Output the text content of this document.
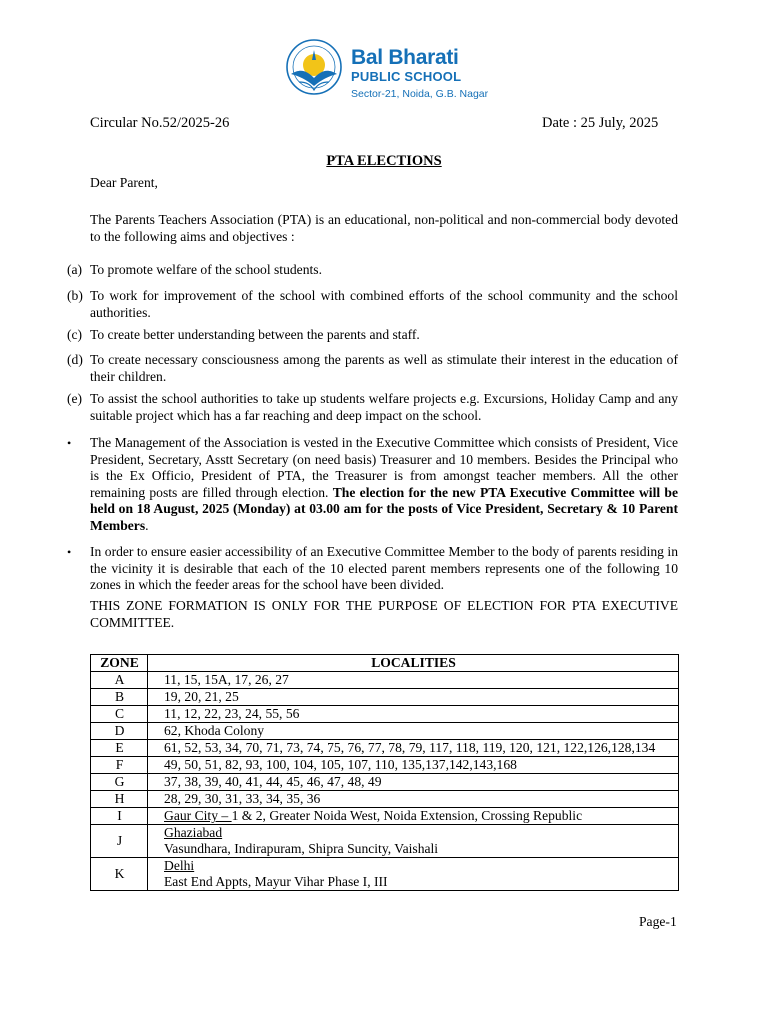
Bal Bharati
PUBLIC SCHOOL
Sector-21, Noida, G.B. Nagar
Circular No.52/2025-26	Date : 25 July, 2025
PTA ELECTIONS
Dear Parent,
The Parents Teachers Association (PTA) is an educational, non-political and non-commercial body devoted to the following aims and objectives :
(a) To promote welfare of the school students.
(b) To work for improvement of the school with combined efforts of the school community and the school authorities.
(c) To create better understanding between the parents and staff.
(d) To create necessary consciousness among the parents as well as stimulate their interest in the education of their children.
(e) To assist the school authorities to take up students welfare projects e.g. Excursions, Holiday Camp and any suitable project which has a far reaching and deep impact on the school.
• The Management of the Association is vested in the Executive Committee which consists of President, Vice President, Secretary, Asstt Secretary (on need basis) Treasurer and 10 members. Besides the Principal who is the Ex Officio, President of PTA, the Treasurer is from amongst teacher members. All the other remaining posts are filled through election. The election for the new PTA Executive Committee will be held on 18 August, 2025 (Monday) at 03.00 am for the posts of Vice President, Secretary & 10 Parent Members.
• In order to ensure easier accessibility of an Executive Committee Member to the body of parents residing in the vicinity it is desirable that each of the 10 elected parent members represents one of the following 10 zones in which the feeder areas for the school have been divided.
THIS ZONE FORMATION IS ONLY FOR THE PURPOSE OF ELECTION FOR PTA EXECUTIVE COMMITTEE.
ZONE	LOCALITIES
A	11, 15, 15A, 17, 26, 27
B	19, 20, 21, 25
C	11, 12, 22, 23, 24, 55, 56
D	62, Khoda Colony
E	61, 52, 53, 34, 70, 71, 73, 74, 75, 76, 77, 78, 79, 117, 118, 119, 120, 121, 122,126,128,134
F	49, 50, 51, 82, 93, 100, 104, 105, 107, 110, 135,137,142,143,168
G	37, 38, 39, 40, 41, 44, 45, 46, 47, 48, 49
H	28, 29, 30, 31, 33, 34, 35, 36
I	Gaur City – 1 & 2, Greater Noida West, Noida Extension, Crossing Republic
J	Ghaziabad
Vasundhara, Indirapuram, Shipra Suncity, Vaishali
K	Delhi
East End Appts, Mayur Vihar Phase I, III
Page-1
